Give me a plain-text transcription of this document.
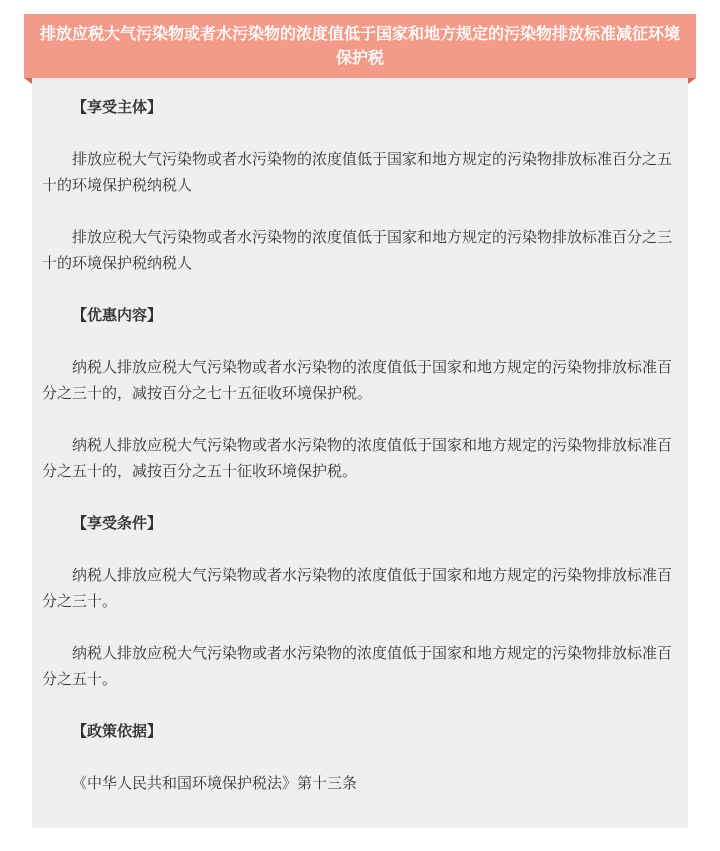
排放应税大气污染物或者水污染物的浓度值低于国家和地方规定的污染物排放标准减征环境保护税

【享受主体】

排放应税大气污染物或者水污染物的浓度值低于国家和地方规定的污染物排放标准百分之五十的环境保护税纳税人

排放应税大气污染物或者水污染物的浓度值低于国家和地方规定的污染物排放标准百分之三十的环境保护税纳税人

【优惠内容】

纳税人排放应税大气污染物或者水污染物的浓度值低于国家和地方规定的污染物排放标准百分之三十的，减按百分之七十五征收环境保护税。

纳税人排放应税大气污染物或者水污染物的浓度值低于国家和地方规定的污染物排放标准百分之五十的，减按百分之五十征收环境保护税。

【享受条件】

纳税人排放应税大气污染物或者水污染物的浓度值低于国家和地方规定的污染物排放标准百分之三十。

纳税人排放应税大气污染物或者水污染物的浓度值低于国家和地方规定的污染物排放标准百分之五十。

【政策依据】

《中华人民共和国环境保护税法》第十三条
